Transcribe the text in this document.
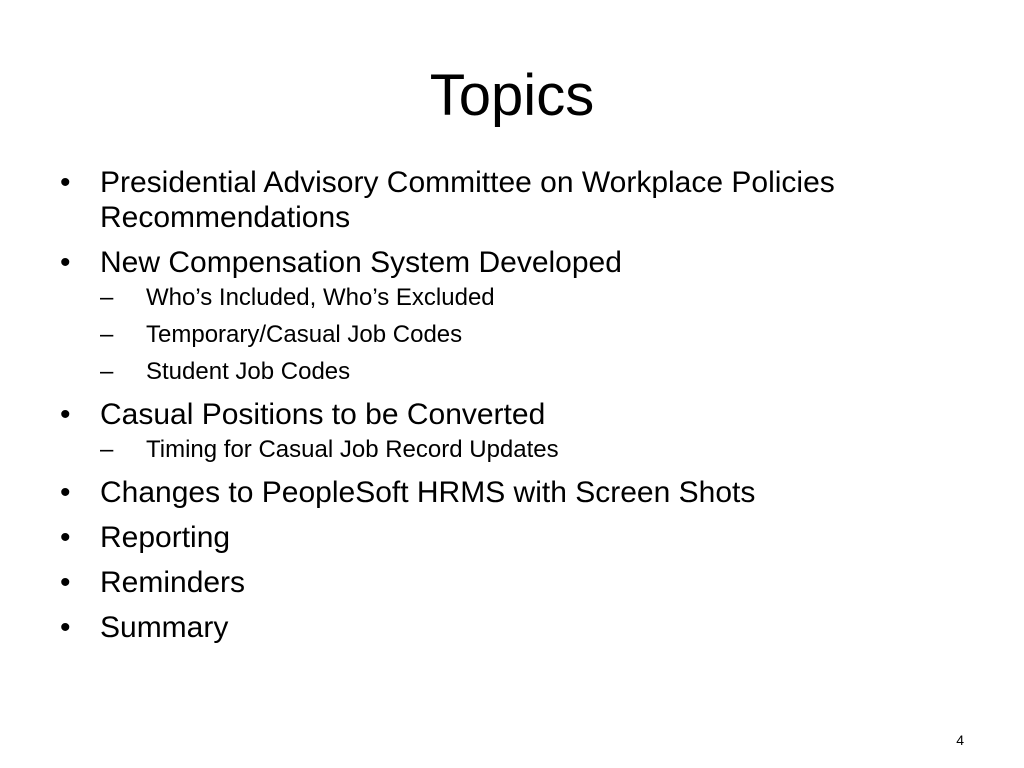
Topics
• Presidential Advisory Committee on Workplace Policies Recommendations
• New Compensation System Developed
–	Who’s Included, Who’s Excluded
–	Temporary/Casual Job Codes
–	Student Job Codes
• Casual Positions to be Converted
–	Timing for Casual Job Record Updates
• Changes to PeopleSoft HRMS with Screen Shots
• Reporting
• Reminders
• Summary
4
